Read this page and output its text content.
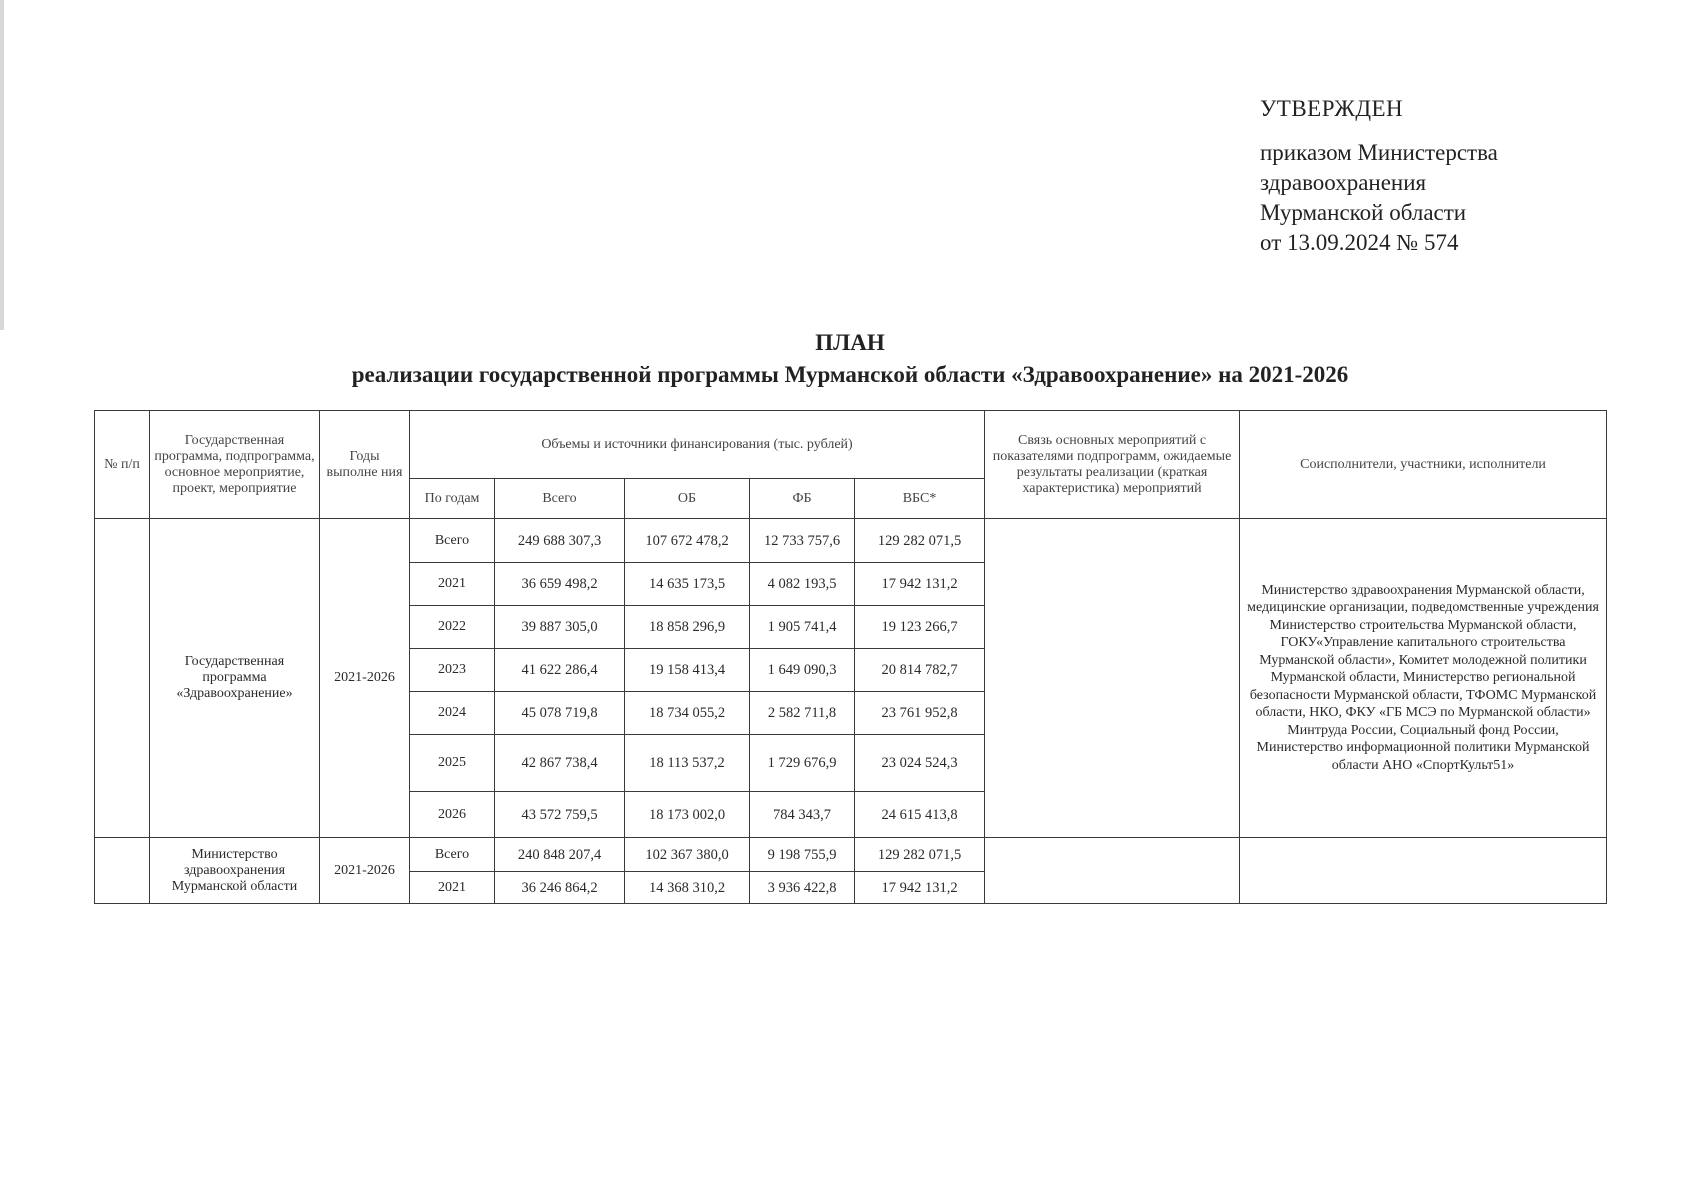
УТВЕРЖДЕН
приказом Министерства
здравоохранения
Мурманской области
от 13.09.2024 № 574
ПЛАН
реализации государственной программы Мурманской области «Здравоохранение» на 2021-2026
№ п/п	Государственная программа, подпрограмма, основное мероприятие, проект, мероприятие	Годы выполне ния	Объемы и источники финансирования (тыс. рублей)					Связь основных мероприятий с показателями подпрограмм, ожидаемые результаты реализации (краткая характеристика) мероприятий	Соисполнители, участники, исполнители
			По годам	Всего	ОБ	ФБ	ВБС*		
	Государственная программа «Здравоохранение»	2021-2026	Всего	249 688 307,3	107 672 478,2	12 733 757,6	129 282 071,5		Министерство здравоохранения Мурманской области, медицинские организации, подведомственные учреждения Министерство строительства Мурманской области, ГОКУ«Управление капитального строительства Мурманской области», Комитет молодежной политики Мурманской области, Министерство региональной безопасности Мурманской области, ТФОМС Мурманской области, НКО, ФКУ «ГБ МСЭ по Мурманской области» Минтруда России, Социальный фонд России, Министерство информационной политики Мурманской области АНО «СпортКульт51»
			2021	36 659 498,2	14 635 173,5	4 082 193,5	17 942 131,2		
			2022	39 887 305,0	18 858 296,9	1 905 741,4	19 123 266,7		
			2023	41 622 286,4	19 158 413,4	1 649 090,3	20 814 782,7		
			2024	45 078 719,8	18 734 055,2	2 582 711,8	23 761 952,8		
			2025	42 867 738,4	18 113 537,2	1 729 676,9	23 024 524,3		
			2026	43 572 759,5	18 173 002,0	784 343,7	24 615 413,8		
	Министерство здравоохранения Мурманской области	2021-2026	Всего	240 848 207,4	102 367 380,0	9 198 755,9	129 282 071,5		
			2021	36 246 864,2	14 368 310,2	3 936 422,8	17 942 131,2		
